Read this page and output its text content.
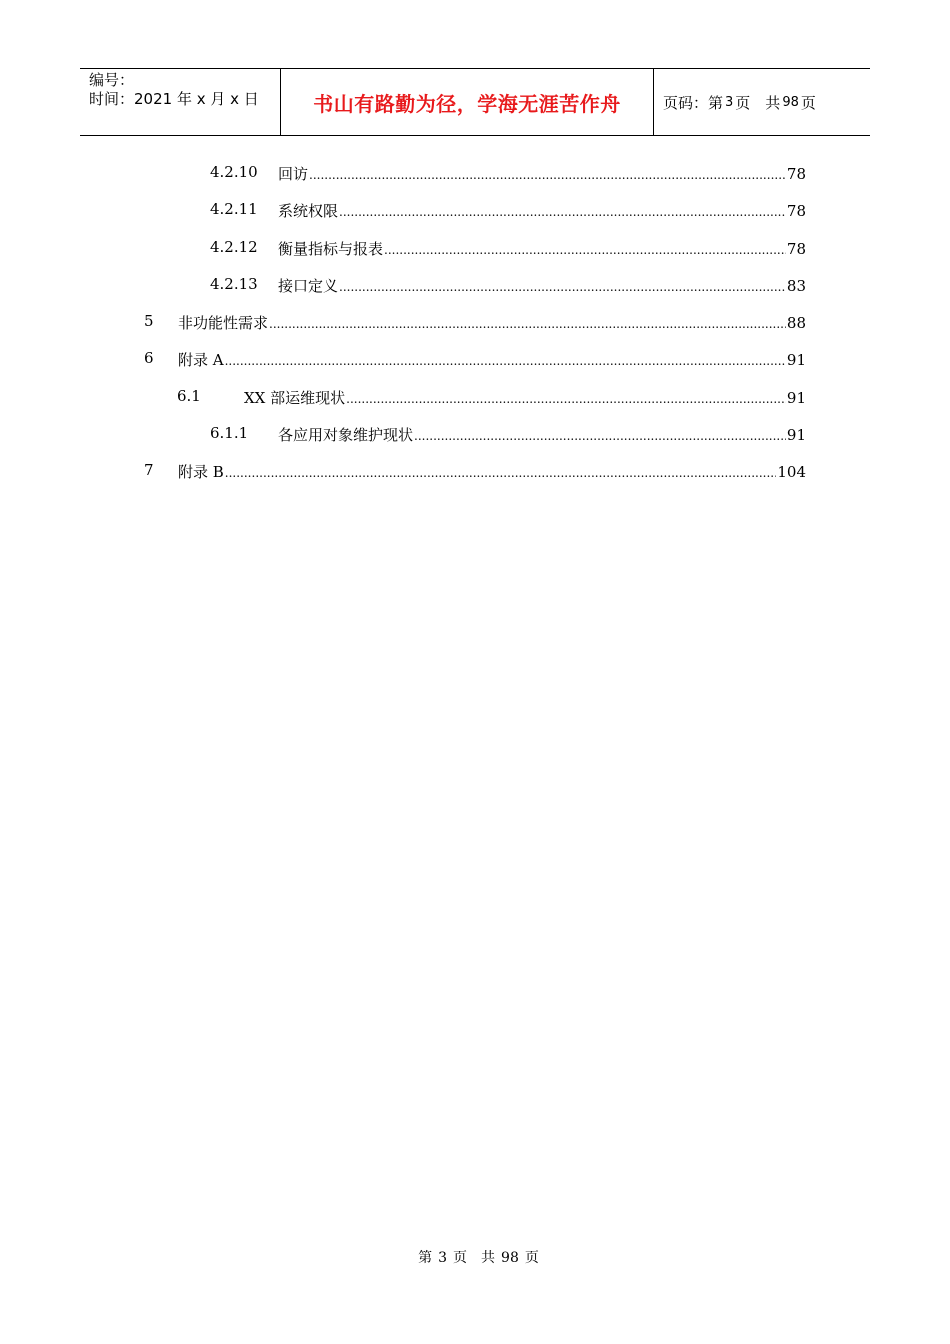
编号：
时间：2021 年 x 月 x 日	书山有路勤为径，学海无涯苦作舟	页码：第 3 页　共 98 页
4.2.10 回访 .....	78
4.2.11 系统权限 .....	78
4.2.12 衡量指标与报表 .....	78
4.2.13 接口定义 .....	83
5 非功能性需求 .....	88
6 附录 A .....	91
6.1	XX 部运维现状 .....	91
6.1.1 各应用对象维护现状 .....	91
7 附录 B .....	104
第 3 页　共 98 页
